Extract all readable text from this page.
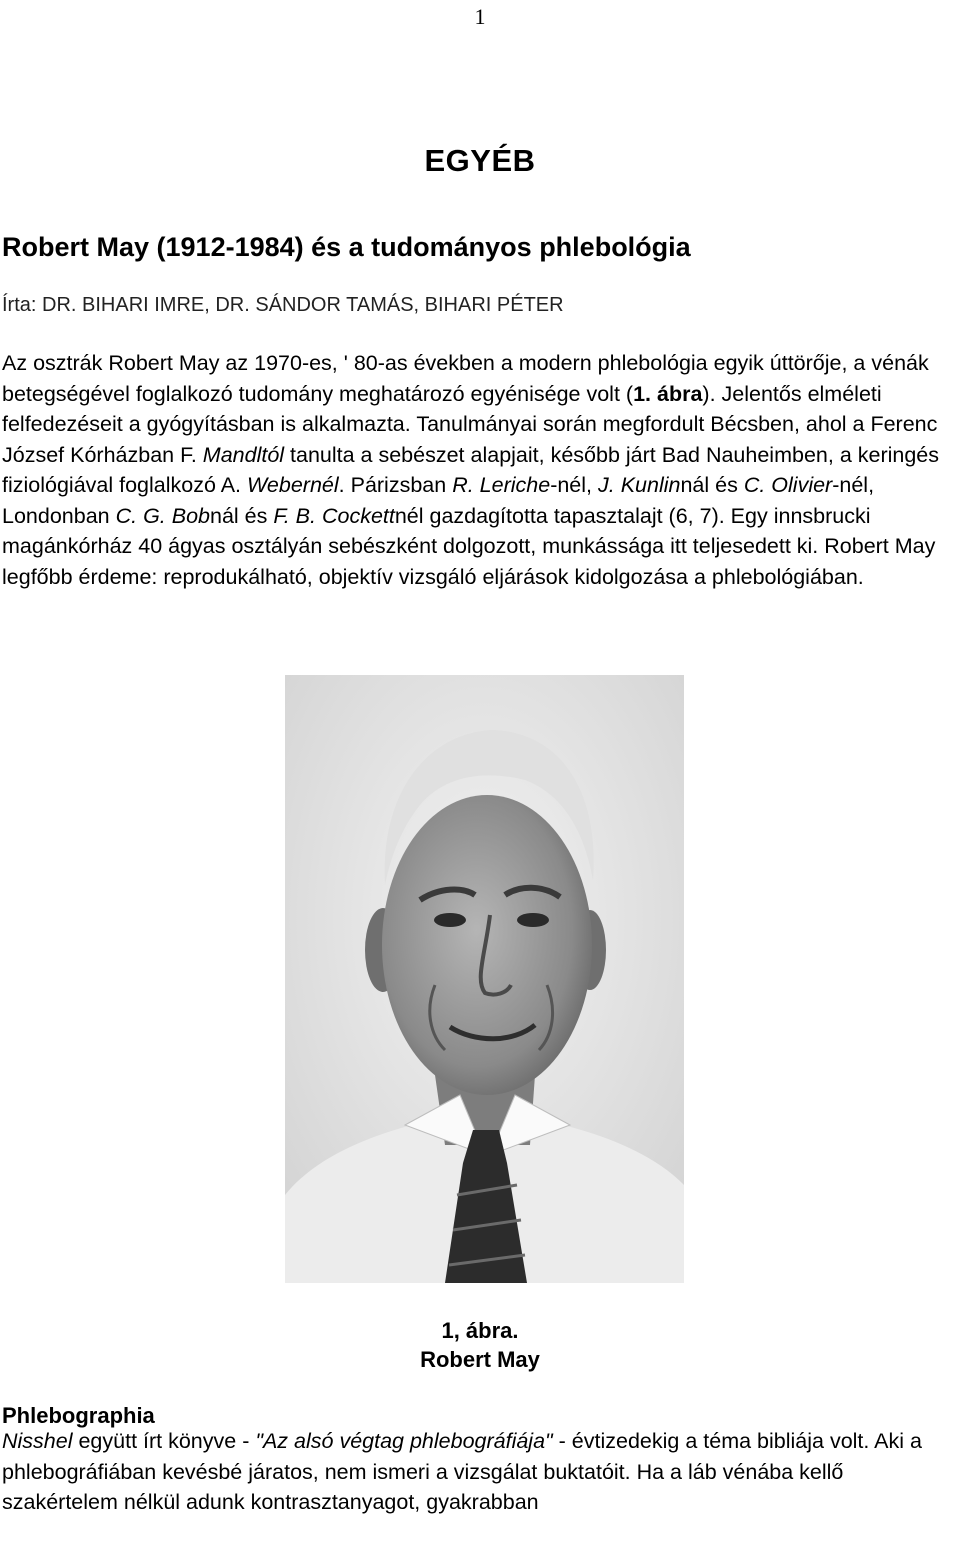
1
EGYÉB
Robert May (1912-1984) és a tudományos phlebológia
Írta: DR. BIHARI IMRE, DR. SÁNDOR TAMÁS, BIHARI PÉTER

Az osztrák Robert May az 1970-es, ' 80-as években a modern phlebológia egyik úttörője, a vénák betegségével foglalkozó tudomány meghatározó egyénisége volt (1. ábra). Jelentős elméleti felfedezéseit a gyógyításban is alkalmazta. Tanulmányai során megfordult Bécsben, ahol a Ferenc József Kórházban F. Mandltól tanulta a sebészet alapjait, később járt Bad Nauheimben, a keringés fiziológiával foglalkozó A. Webernél. Párizsban R. Leriche-nél, J. Kunlinnál és C. Olivier-nél, Londonban C. G. Bobnál és F. B. Cockettnél gazdagította tapasztalajt (6, 7). Egy innsbrucki magánkórház 40 ágyas osztályán sebészként dolgozott, munkássága itt teljesedett ki. Robert May legfőbb érdeme: reprodukálható, objektív vizsgáló eljárások kidolgozása a phlebológiában.

1, ábra.
Robert May
Phlebographia

Nisshel együtt írt könyve - "Az alsó végtag phlebográfiája" - évtizedekig a téma bibliája volt. Aki a phlebográfiában kevésbé járatos, nem ismeri a vizsgálat buktatóit. Ha a láb vénába kellő szakértelem nélkül adunk kontrasztanyagot, gyakrabban
